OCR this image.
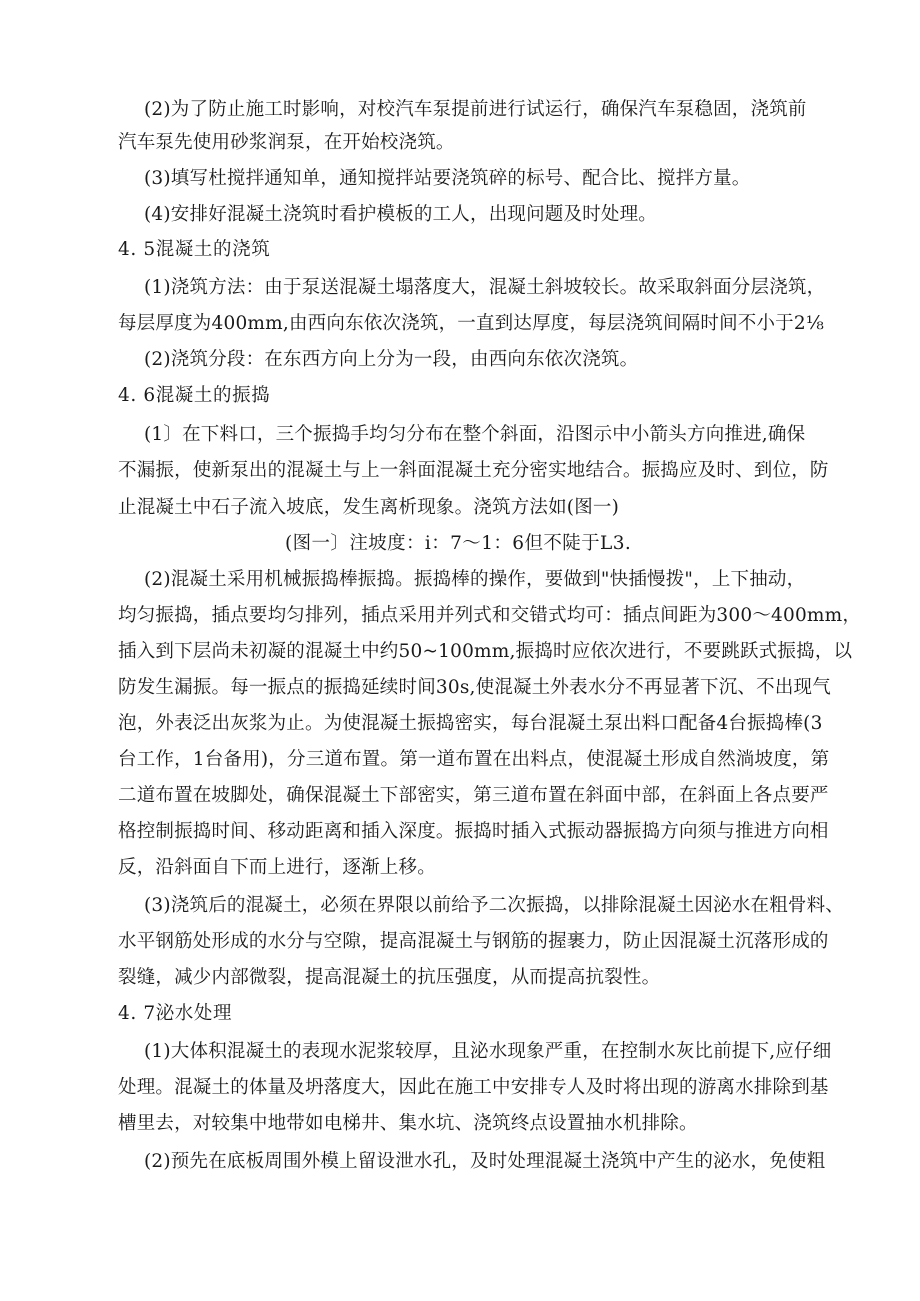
(2)为了防止施工时影响，对校汽车泵提前进行试运行，确保汽车泵稳固，浇筑前
汽车泵先使用砂浆润泵，在开始校浇筑。
(3)填写杜搅拌通知单，通知搅拌站要浇筑碎的标号、配合比、搅拌方量。
(4)安排好混凝土浇筑时看护模板的工人，出现问题及时处理。
4. 5混凝土的浇筑
(1)浇筑方法：由于泵送混凝土塌落度大，混凝土斜坡较长。故采取斜面分层浇筑，
每层厚度为400mm,由西向东依次浇筑，一直到达厚度，每层浇筑间隔时间不小于2⅛
(2)浇筑分段：在东西方向上分为一段，由西向东依次浇筑。
4. 6混凝土的振捣
(1〕在下料口，三个振捣手均匀分布在整个斜面，沿图示中小箭头方向推进,确保
不漏振，使新泵出的混凝土与上一斜面混凝土充分密实地结合。振捣应及时、到位，防
止混凝土中石子流入坡底，发生离析现象。浇筑方法如(图一)
(图一〕注坡度：i：7～1：6但不陡于L3.
(2)混凝土采用机械振捣棒振捣。振捣棒的操作，要做到"快插慢拨"，上下抽动，
均匀振捣，插点要均匀排列，插点采用并列式和交错式均可：插点间距为300～400mm，
插入到下层尚未初凝的混凝土中约50~100mm,振捣时应依次进行，不要跳跃式振捣，以
防发生漏振。每一振点的振捣延续时间30s,使混凝土外表水分不再显著下沉、不出现气
泡，外表泛出灰浆为止。为使混凝土振捣密实，每台混凝土泵出料口配备4台振捣棒(3
台工作，1台备用)，分三道布置。第一道布置在出料点，使混凝土形成自然淌坡度，第
二道布置在坡脚处，确保混凝土下部密实，第三道布置在斜面中部，在斜面上各点要严
格控制振捣时间、移动距离和插入深度。振捣时插入式振动器振捣方向须与推进方向相
反，沿斜面自下而上进行，逐渐上移。
(3)浇筑后的混凝土，必须在界限以前给予二次振捣，以排除混凝土因泌水在粗骨料、
水平钢筋处形成的水分与空隙，提高混凝土与钢筋的握裹力，防止因混凝土沉落形成的
裂缝，减少内部微裂，提高混凝土的抗压强度，从而提高抗裂性。
4. 7泌水处理
(1)大体积混凝土的表现水泥浆较厚，且泌水现象严重，在控制水灰比前提下,应仔细
处理。混凝土的体量及坍落度大，因此在施工中安排专人及时将出现的游离水排除到基
槽里去，对较集中地带如电梯井、集水坑、浇筑终点设置抽水机排除。
(2)预先在底板周围外模上留设泄水孔，及时处理混凝土浇筑中产生的泌水，免使粗
